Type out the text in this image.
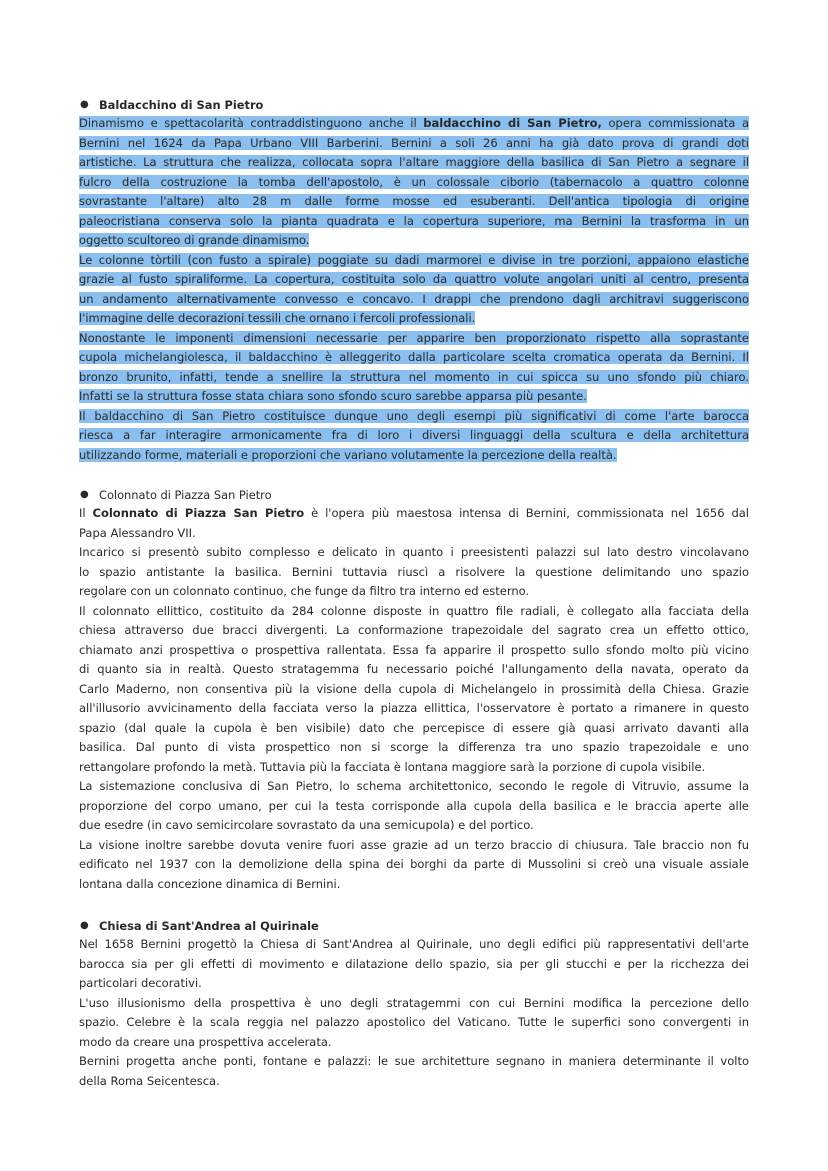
● Baldacchino di San Pietro
Dinamismo e spettacolarità contraddistinguono anche il baldacchino di San Pietro, opera commissionata a
Bernini nel 1624 da Papa Urbano VIII Barberini. Bernini a soli 26 anni ha già dato prova di grandi doti
artistiche. La struttura che realizza, collocata sopra l'altare maggiore della basilica di San Pietro a segnare il
fulcro della costruzione la tomba dell'apostolo, è un colossale ciborio (tabernacolo a quattro colonne
sovrastante l'altare) alto 28 m dalle forme mosse ed esuberanti. Dell'antica tipologia di origine
paleocristiana conserva solo la pianta quadrata e la copertura superiore, ma Bernini la trasforma in un
oggetto scultoreo di grande dinamismo.
Le colonne tòrtili (con fusto a spirale) poggiate su dadi marmorei e divise in tre porzioni, appaiono elastiche
grazie al fusto spiraliforme. La copertura, costituita solo da quattro volute angolari uniti al centro, presenta
un andamento alternativamente convesso e concavo. I drappi che prendono dagli architravi suggeriscono
l'immagine delle decorazioni tessili che ornano i fercoli professionali.
Nonostante le imponenti dimensioni necessarie per apparire ben proporzionato rispetto alla soprastante
cupola michelangiolescа, il baldacchino è alleggerito dalla particolare scelta cromatica operata da Bernini. Il
bronzo brunito, infatti, tende a snellire la struttura nel momento in cui spicca su uno sfondo più chiaro.
Infatti se la struttura fosse stata chiara sono sfondo scuro sarebbe apparsa più pesante.
Il baldacchino di San Pietro costituisce dunque uno degli esempi più significativi di come l'arte barocca
riesca a far interagire armonicamente fra di loro i diversi linguaggi della scultura e della architettura
utilizzando forme, materiali e proporzioni che variano volutamente la percezione della realtà.
● Colonnato di Piazza San Pietro
Il Colonnato di Piazza San Pietro è l'opera più maestosa intensa di Bernini, commissionata nel 1656 dal
Papa Alessandro VII.
Incarico si presentò subito complesso e delicato in quanto i preesistenti palazzi sul lato destro vincolavano
lo spazio antistante la basilica. Bernini tuttavia riuscì a risolvere la questione delimitando uno spazio
regolare con un colonnato continuo, che funge da filtro tra interno ed esterno.
Il colonnato ellittico, costituito da 284 colonne disposte in quattro file radiali, è collegato alla facciata della
chiesa attraverso due bracci divergenti. La conformazione trapezoidale del sagrato crea un effetto ottico,
chiamato anzi prospettiva o prospettiva rallentata. Essa fa apparire il prospetto sullo sfondo molto più vicino
di quanto sia in realtà. Questo stratagemma fu necessario poiché l'allungamento della navata, operato da
Carlo Maderno, non consentiva più la visione della cupola di Michelangelo in prossimità della Chiesa. Grazie
all'illusorio avvicinamento della facciata verso la piazza ellittica, l'osservatore è portato a rimanere in questo
spazio (dal quale la cupola è ben visibile) dato che percepisce di essere già quasi arrivato davanti alla
basilica. Dal punto di vista prospettico non si scorge la differenza tra uno spazio trapezoidale e uno
rettangolare profondo la metà. Tuttavia più la facciata è lontana maggiore sarà la porzione di cupola visibile.
La sistemazione conclusiva di San Pietro, lo schema architettonico, secondo le regole di Vitruvio, assume la
proporzione del corpo umano, per cui la testa corrisponde alla cupola della basilica e le braccia aperte alle
due esedre (in cavo semicircolare sovrastato da una semicupola) e del portico.
La visione inoltre sarebbe dovuta venire fuori asse grazie ad un terzo braccio di chiusura. Tale braccio non fu
edificato nel 1937 con la demolizione della spina dei borghi da parte di Mussolini si creò una visuale assiale
lontana dalla concezione dinamica di Bernini.
● Chiesa di Sant'Andrea al Quirinale
Nel 1658 Bernini progettò la Chiesa di Sant'Andrea al Quirinale, uno degli edifici più rappresentativi dell'arte
barocca sia per gli effetti di movimento e dilatazione dello spazio, sia per gli stucchi e per la ricchezza dei
particolari decorativi.
L'uso illusionismo della prospettiva è uno degli stratagemmi con cui Bernini modifica la percezione dello
spazio. Celebre è la scala reggia nel palazzo apostolico del Vaticano. Tutte le superfici sono convergenti in
modo da creare una prospettiva accelerata.
Bernini progetta anche ponti, fontane e palazzi: le sue architetture segnano in maniera determinante il volto
della Roma Seicentesca.
